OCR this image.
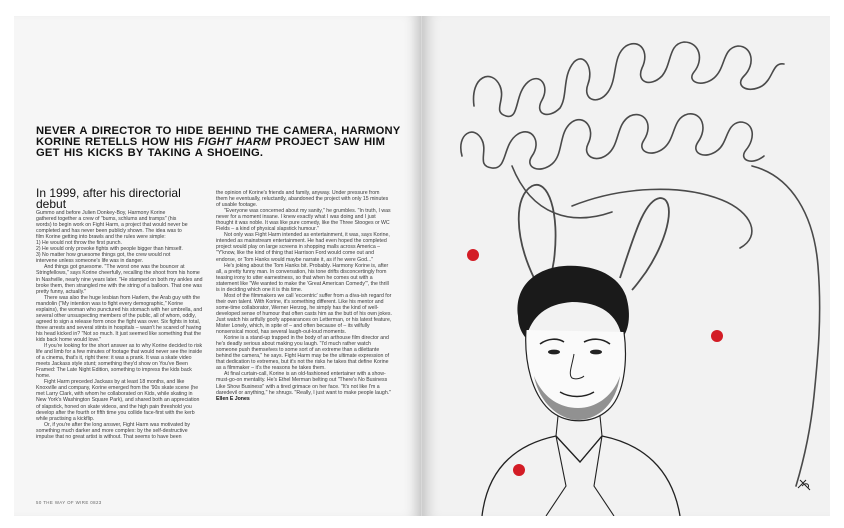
NEVER A DIRECTOR TO HIDE BEHIND THE CAMERA, HARMONY KORINE RETELLS HOW HIS FIGHT HARM PROJECT SAW HIM GET HIS KICKS BY TAKING A SHOEING.
In 1999, after his directorial debut

Gummo and before Julien Donkey-Boy, Harmony Korine

gathered together a crew of "bums, schlums and tramps" (his

words) to begin work on Fight Harm, a project that would never be

completed and has never been publicly shown. The idea was to

film Korine getting into brawls and the rules were simple:

1) He would not throw the first punch.

2) He would only provoke fights with people bigger than himself.

3) No matter how gruesome things got, the crew would not

intervene unless someone's life was in danger.

And things got gruesome. "The worst one was the bouncer at Stringfellows," says Korine cheerfully, recalling the shoot from his home in Nashville, nearly nine years later. "He stamped on both my ankles and broke them, then strangled me with the string of a balloon. That one was pretty funny, actually."

There was also the huge lesbian from Harlem, the Arab guy with the mandolin ("My intention was to fight every demographic," Korine explains), the woman who punctured his stomach with her umbrella, and several other unsuspecting members of the public, all of whom, oddly, agreed to sign a release form once the fight was over. Six fights in total, three arrests and several stints in hospitals – wasn't he scared of having his head kicked in? "Not so much. It just seemed like something that the kids back home would love."

If you're looking for the short answer as to why Korine decided to risk life and limb for a few minutes of footage that would never see the inside of a cinema, that's it, right there: it was a prank. It was a skate video meets Jackass style stunt; something they'd show on You've Been Framed: The Late Night Edition, something to impress the kids back home.

Fight Harm preceded Jackass by at least 18 months, and like Knoxville and company, Korine emerged from the '90s skate scene (he met Larry Clark, with whom he collaborated on Kids, while skating in New York's Washington Square Park), and shared both an appreciation of slapstick, honed on skate videos, and the high pain threshold you develop after the fourth or fifth time you collide face-first with the kerb while practising a kickflip.

Or, if you're after the long answer, Fight Harm was motivated by something much darker and more complex: by the self-destructive impulse that no great artist is without. That seems to have been

the opinion of Korine's friends and family, anyway. Under pressure from them he eventually, reluctantly, abandoned the project with only 15 minutes of usable footage.

"Everyone was concerned about my sanity," he grumbles. "In truth, I was never for a moment insane. I knew exactly what I was doing and I just thought it was noble. It was like pure comedy, like the Three Stooges or WC Fields – a kind of physical slapstick humour."

Not only was Fight Harm intended as entertainment, it was, says Korine, intended as mainstream entertainment. He had even hoped the completed project would play on large screens in shopping malls across America – "Y'know, like the kind of thing that Harrison Ford would come out and endorse, or Tom Hanks would maybe narrate it, as if he were God..."

He's joking about the Tom Hanks bit. Probably. Harmony Korine is, after all, a pretty funny man. In conversation, his tone drifts disconcertingly from teasing irony to utter earnestness, so that when he comes out with a statement like "We wanted to make the 'Great American Comedy'", the thrill is in deciding which one it is this time.

Most of the filmmakers we call 'eccentric' suffer from a diva-ish regard for their own talent. With Korine, it's something different. Like his mentor and some-time collaborator, Werner Herzog, he simply has the kind of well-developed sense of humour that often casts him as the butt of his own jokes. Just watch his artfully goofy appearances on Letterman, or his latest feature, Mister Lonely, which, in spite of – and often because of – its wilfully nonsensical mood, has several laugh-out-loud moments.

Korine is a stand-up trapped in the body of an arthouse film director and he's deadly serious about making you laugh. "I'd much rather watch someone push themselves to some sort of an extreme than a dilettante behind the camera," he says. Fight Harm may be the ultimate expression of that dedication to extremes, but it's not the risks he takes that define Korine as a filmmaker – it's the reasons he takes them.

At final curtain-call, Korine is an old-fashioned entertainer with a show-must-go-on mentality. He's Ethel Merman belting out "There's No Business Like Show Business" with a tired grimace on her face. "It's not like I'm a daredevil or anything," he shrugs. "Really, I just want to make people laugh." Ellen E Jones

50 THE WAY OF WIRE 0823
